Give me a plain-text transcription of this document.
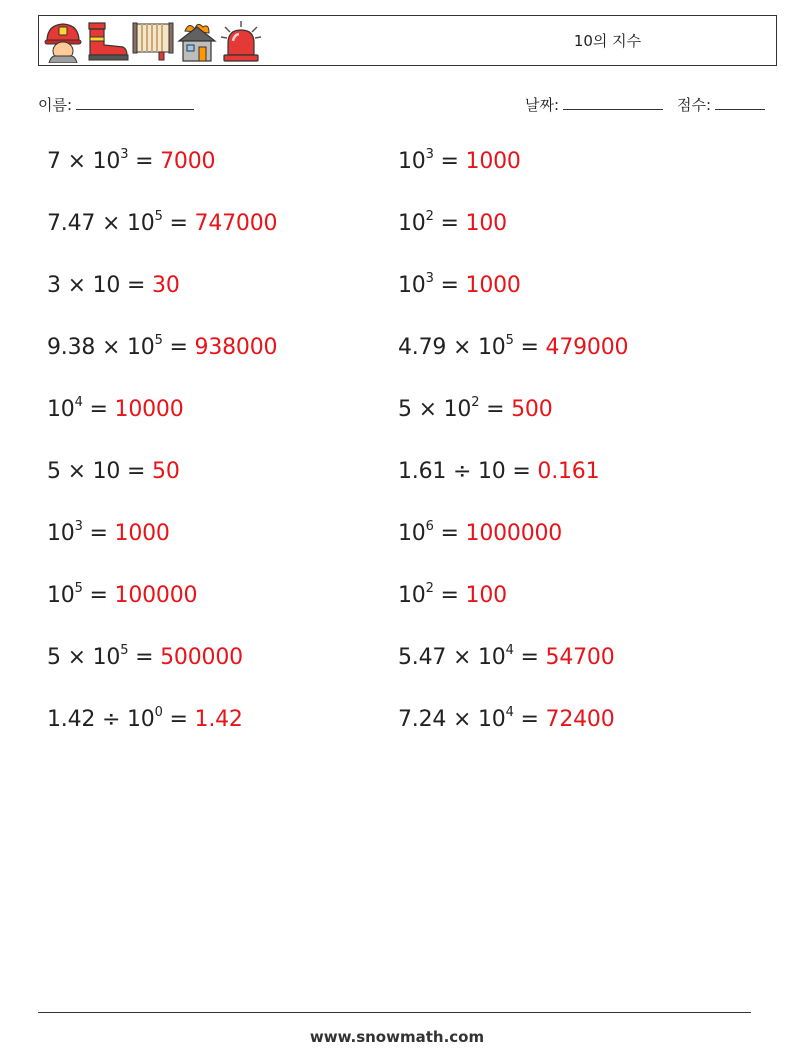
10의 지수
이름:	날짜:	점수:
$7 \times 10^3 = 7000$	$10^3 = 1000$
$7.47 \times 10^5 = 747000$	$10^2 = 100$
3 × 10 = 30	$10^3 = 1000$
$9.38 \times 10^5 = 938000$	$4.79 \times 10^5 = 479000$
$10^4 = 10000$	$5 \times 10^2 = 500$
5 × 10 = 50	1.61 ÷ 10 = 0.161
$10^3 = 1000$	$10^6 = 1000000$
$10^5 = 100000$	$10^2 = 100$
$5 \times 10^5 = 500000$	$5.47 \times 10^4 = 54700$
$1.42 \div 10^0 = 1.42$	$7.24 \times 10^4 = 72400$
www.snowmath.com
